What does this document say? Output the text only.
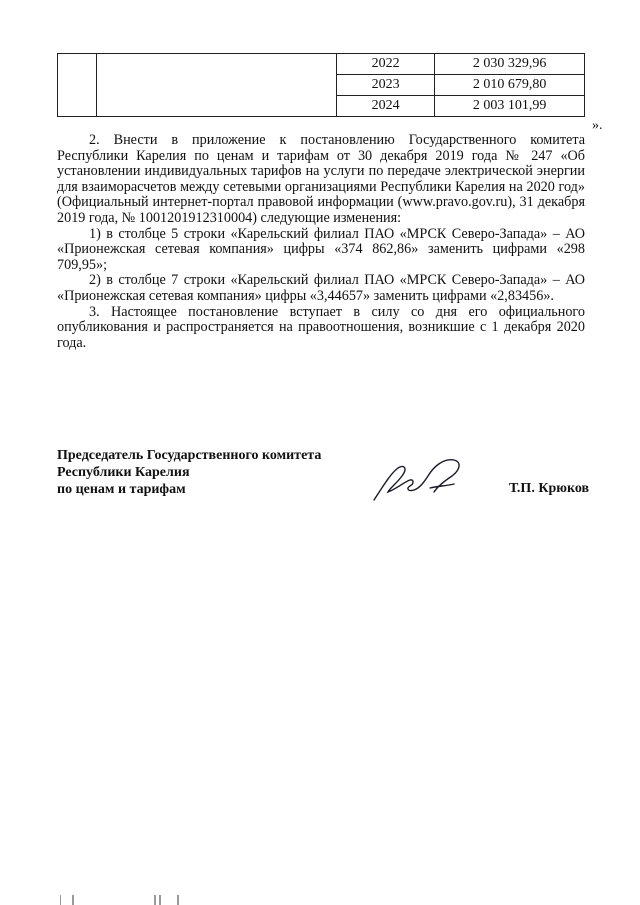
		2022	2 030 329,96
		2023	2 010 679,80
		2024	2 003 101,99
».

2. Внести в приложение к постановлению Государственного комитета Республики Карелия по ценам и тарифам от 30 декабря 2019 года № 247 «Об установлении индивидуальных тарифов на услуги по передаче электрической энергии для взаиморасчетов между сетевыми организациями Республики Карелия на 2020 год» (Официальный интернет-портал правовой информации (www.pravo.gov.ru), 31 декабря 2019 года, № 1001201912310004) следующие изменения:

1) в столбце 5 строки «Карельский филиал ПАО «МРСК Северо-Запада» – АО «Прионежская сетевая компания» цифры «374 862,86» заменить цифрами «298 709,95»;

2) в столбце 7 строки «Карельский филиал ПАО «МРСК Северо-Запада» – АО «Прионежская сетевая компания» цифры «3,44657» заменить цифрами «2,83456».

3. Настоящее постановление вступает в силу со дня его официального опубликования и распространяется на правоотношения, возникшие с 1 декабря 2020 года.

Председатель Государственного комитета
Республики Карелия
по ценам и тарифам	Т.П. Крюков
